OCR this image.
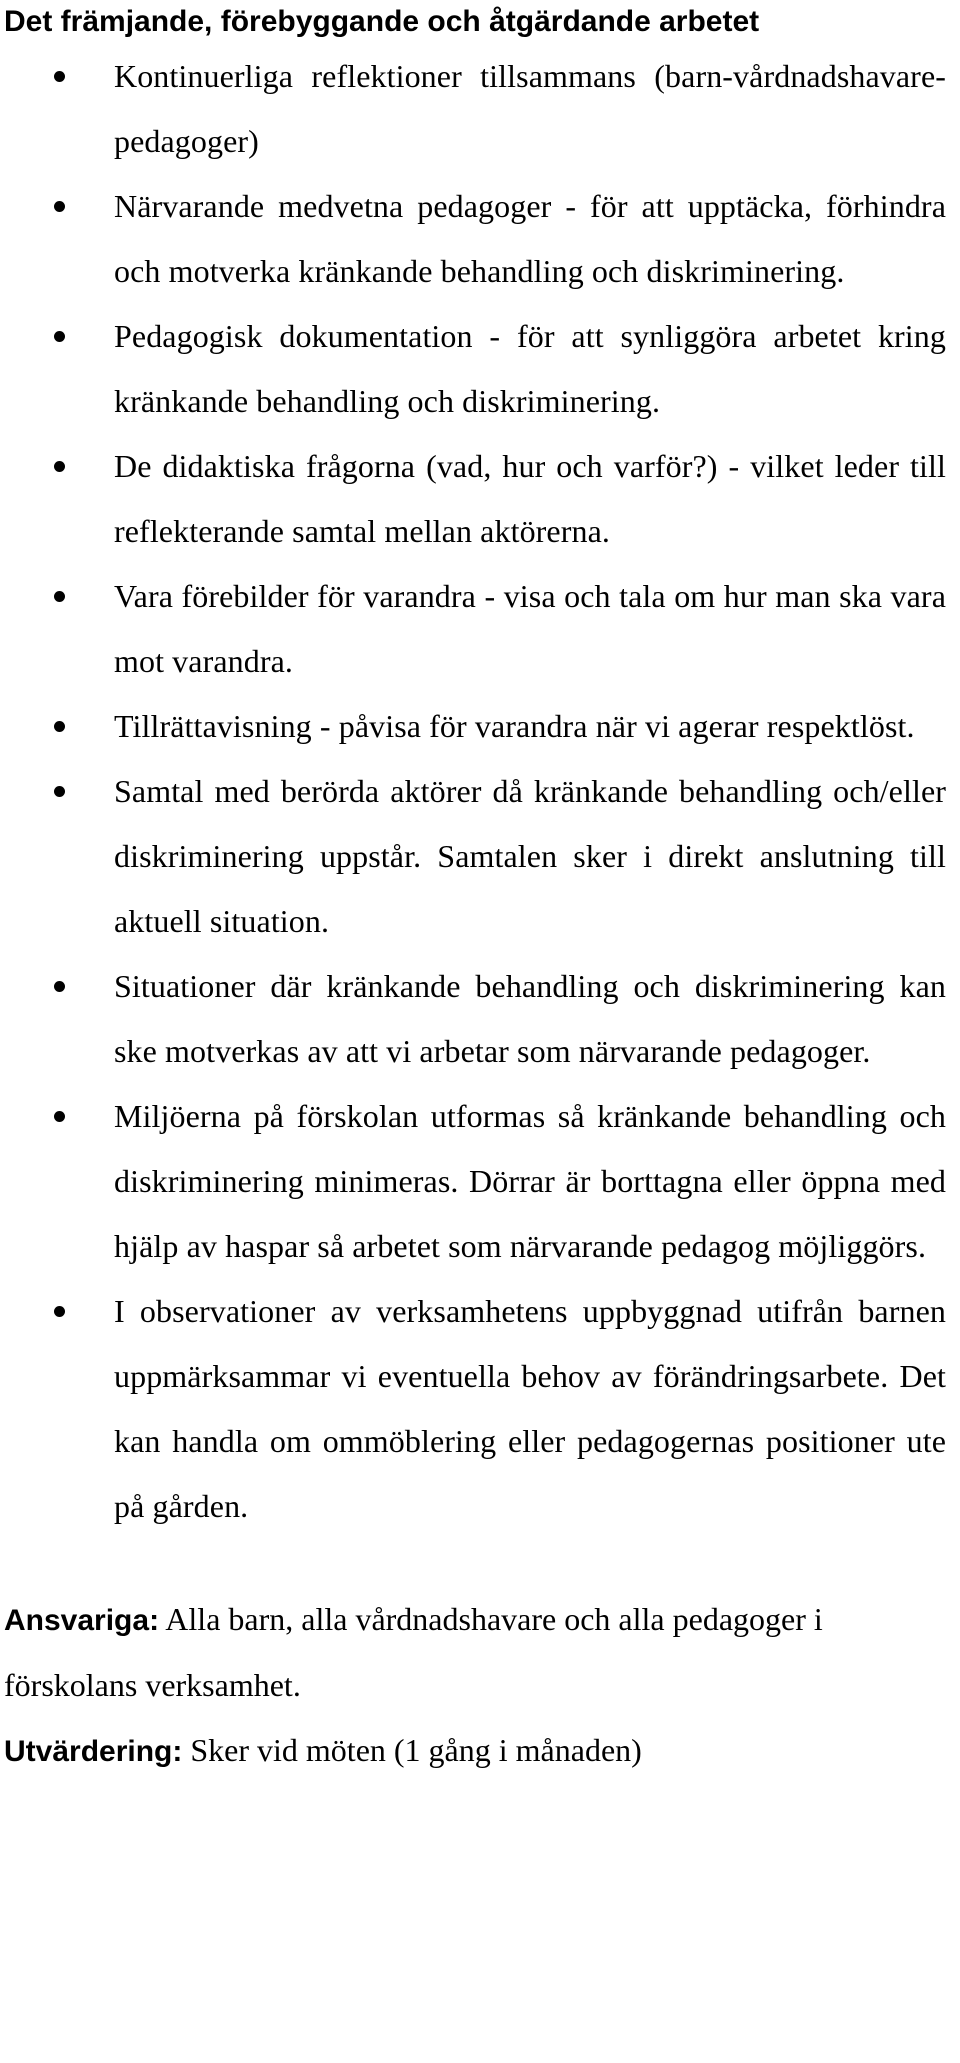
Det främjande, förebyggande och åtgärdande arbetet
Kontinuerliga reflektioner tillsammans (barn-vårdnadshavare-pedagoger)
Närvarande medvetna pedagoger - för att upptäcka, förhindra och motverka kränkande behandling och diskriminering.
Pedagogisk dokumentation - för att synliggöra arbetet kring kränkande behandling och diskriminering.
De didaktiska frågorna (vad, hur och varför?) - vilket leder till reflekterande samtal mellan aktörerna.
Vara förebilder för varandra - visa och tala om hur man ska vara mot varandra.
Tillrättavisning - påvisa för varandra när vi agerar respektlöst.
Samtal med berörda aktörer då kränkande behandling och/eller diskriminering uppstår. Samtalen sker i direkt anslutning till aktuell situation.
Situationer där kränkande behandling och diskriminering kan ske motverkas av att vi arbetar som närvarande pedagoger.
Miljöerna på förskolan utformas så kränkande behandling och diskriminering minimeras. Dörrar är borttagna eller öppna med hjälp av haspar så arbetet som närvarande pedagog möjliggörs.
I observationer av verksamhetens uppbyggnad utifrån barnen uppmärksammar vi eventuella behov av förändringsarbete. Det kan handla om ommöblering eller pedagogernas positioner ute på gården.

Ansvariga: Alla barn, alla vårdnadshavare och alla pedagoger i förskolans verksamhet.

Utvärdering: Sker vid möten (1 gång i månaden)
